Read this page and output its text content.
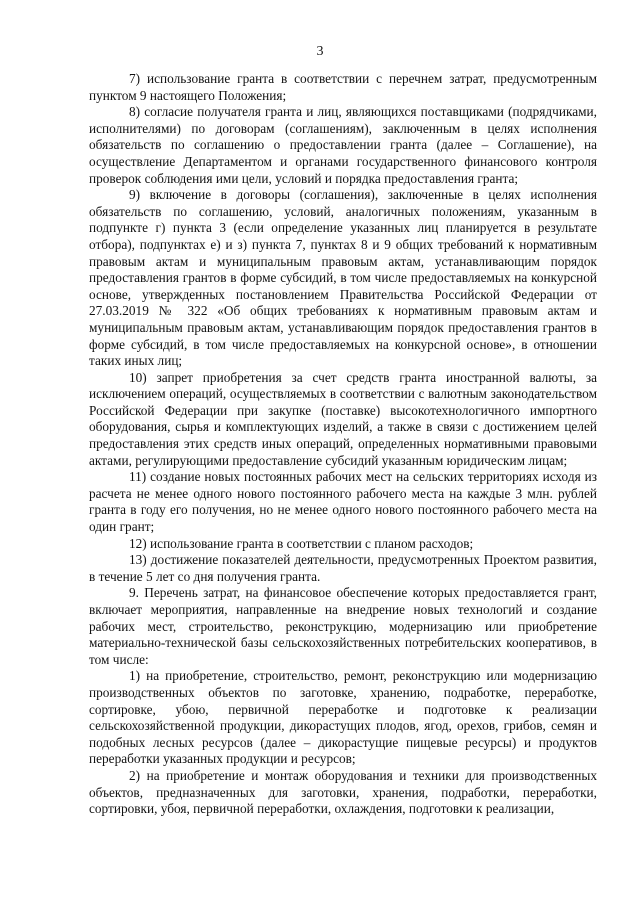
3

7) использование гранта в соответствии с перечнем затрат, предусмотренным пунктом 9 настоящего Положения;

8) согласие получателя гранта и лиц, являющихся поставщиками (подрядчиками, исполнителями) по договорам (соглашениям), заключенным в целях исполнения обязательств по соглашению о предоставлении гранта (далее – Соглашение), на осуществление Департаментом и органами государственного финансового контроля проверок соблюдения ими цели, условий и порядка предоставления гранта;

9) включение в договоры (соглашения), заключенные в целях исполнения обязательств по соглашению, условий, аналогичных положениям, указанным в подпункте г) пункта 3 (если определение указанных лиц планируется в результате отбора), подпунктах е) и з) пункта 7, пунктах 8 и 9 общих требований к нормативным правовым актам и муниципальным правовым актам, устанавливающим порядок предоставления грантов в форме субсидий, в том числе предоставляемых на конкурсной основе, утвержденных постановлением Правительства Российской Федерации от 27.03.2019 № 322 «Об общих требованиях к нормативным правовым актам и муниципальным правовым актам, устанавливающим порядок предоставления грантов в форме субсидий, в том числе предоставляемых на конкурсной основе», в отношении таких иных лиц;

10) запрет приобретения за счет средств гранта иностранной валюты, за исключением операций, осуществляемых в соответствии с валютным законодательством Российской Федерации при закупке (поставке) высокотехнологичного импортного оборудования, сырья и комплектующих изделий, а также в связи с достижением целей предоставления этих средств иных операций, определенных нормативными правовыми актами, регулирующими предоставление субсидий указанным юридическим лицам;

11) создание новых постоянных рабочих мест на сельских территориях исходя из расчета не менее одного нового постоянного рабочего места на каждые 3 млн. рублей гранта в году его получения, но не менее одного нового постоянного рабочего места на один грант;

12) использование гранта в соответствии с планом расходов;

13) достижение показателей деятельности, предусмотренных Проектом развития, в течение 5 лет со дня получения гранта.

9. Перечень затрат, на финансовое обеспечение которых предоставляется грант, включает мероприятия, направленные на внедрение новых технологий и создание рабочих мест, строительство, реконструкцию, модернизацию или приобретение материально-технической базы сельскохозяйственных потребительских кооперативов, в том числе:

1) на приобретение, строительство, ремонт, реконструкцию или модернизацию производственных объектов по заготовке, хранению, подработке, переработке, сортировке, убою, первичной переработке и подготовке к реализации сельскохозяйственной продукции, дикорастущих плодов, ягод, орехов, грибов, семян и подобных лесных ресурсов (далее – дикорастущие пищевые ресурсы) и продуктов переработки указанных продукции и ресурсов;

2) на приобретение и монтаж оборудования и техники для производственных объектов, предназначенных для заготовки, хранения, подработки, переработки, сортировки, убоя, первичной переработки, охлаждения, подготовки к реализации,
